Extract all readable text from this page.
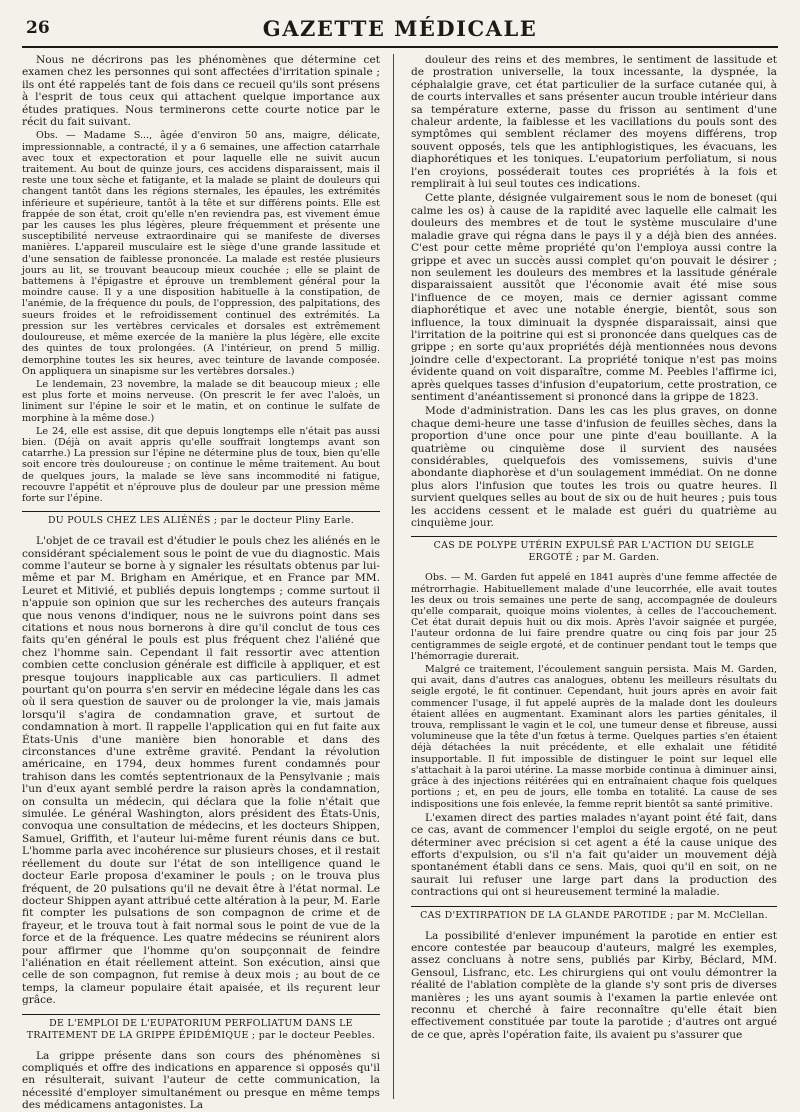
26	GAZETTE MÉDICALE

Nous ne décrirons pas les phénomènes que détermine cet examen chez les personnes qui sont affectées d'irritation spinale ; ils ont été rappelés tant de fois dans ce recueil qu'ils sont présens à l'esprit de tous ceux qui attachent quelque importance aux études pratiques. Nous terminerons cette courte notice par le récit du fait suivant.

Obs. — Madame S..., âgée d'environ 50 ans, maigre, délicate, impressionnable, a contracté, il y a 6 semaines, une affection catarrhale avec toux et expectoration et pour laquelle elle ne suivit aucun traitement. Au bout de quinze jours, ces accidens disparaissent, mais il reste une toux sèche et fatigante, et la malade se plaint de douleurs qui changent tantôt dans les régions sternales, les épaules, les extrémités inférieure et supérieure, tantôt à la tête et sur différens points. Elle est frappée de son état, croit qu'elle n'en reviendra pas, est vivement émue par les causes les plus légères, pleure fréquemment et présente une susceptibilité nerveuse extraordinaire qui se manifeste de diverses manières. L'appareil musculaire est le siège d'une grande lassitude et d'une sensation de faiblesse prononcée. La malade est restée plusieurs jours au lit, se trouvant beaucoup mieux couchée ; elle se plaint de battemens à l'épigastre et éprouve un tremblement général pour la moindre cause. Il y a une disposition habituelle à la constipation, de l'anémie, de la fréquence du pouls, de l'oppression, des palpitations, des sueurs froides et le refroidissement continuel des extrémités. La pression sur les vertèbres cervicales et dorsales est extrêmement douloureuse, et même exercée de la manière la plus légère, elle excite des quintes de toux prolongées. (A l'intérieur, on prend 5 millig. demorphine toutes les six heures, avec teinture de lavande composée. On appliquera un sinapisme sur les vertèbres dorsales.)

Le lendemain, 23 novembre, la malade se dit beaucoup mieux ; elle est plus forte et moins nerveuse. (On prescrit le fer avec l'aloès, un liniment sur l'épine le soir et le matin, et on continue le sulfate de morphine à la même dose.)

Le 24, elle est assise, dit que depuis longtemps elle n'était pas aussi bien. (Déjà on avait appris qu'elle souffrait longtemps avant son catarrhe.) La pression sur l'épine ne détermine plus de toux, bien qu'elle soit encore très douloureuse ; on continue le même traitement. Au bout de quelques jours, la malade se lève sans incommodité ni fatigue, recouvre l'appétit et n'éprouve plus de douleur par une pression même forte sur l'épine.

DU POULS CHEZ LES ALIÉNÉS ; par le docteur Pliny Earle.

L'objet de ce travail est d'étudier le pouls chez les aliénés en le considérant spécialement sous le point de vue du diagnostic. Mais comme l'auteur se borne à y signaler les résultats obtenus par lui-même et par M. Brigham en Amérique, et en France par MM. Leuret et Mitivié, et publiés depuis longtemps ; comme surtout il n'appuie son opinion que sur les recherches des auteurs français que nous venons d'indiquer, nous ne le suivrons point dans ses citations et nous nous bornerons à dire qu'il conclut de tous ces faits qu'en général le pouls est plus fréquent chez l'aliéné que chez l'homme sain. Cependant il fait ressortir avec attention combien cette conclusion générale est difficile à appliquer, et est presque toujours inapplicable aux cas particuliers. Il admet pourtant qu'on pourra s'en servir en médecine légale dans les cas où il sera question de sauver ou de prolonger la vie, mais jamais lorsqu'il s'agira de condamnation grave, et surtout de condamnation à mort. Il rappelle l'application qui en fut faite aux États-Unis d'une manière bien honorable et dans des circonstances d'une extrême gravité. Pendant la révolution américaine, en 1794, deux hommes furent condamnés pour trahison dans les comtés septentrionaux de la Pensylvanie ; mais l'un d'eux ayant semblé perdre la raison après la condamnation, on consulta un médecin, qui déclara que la folie n'était que simulée. Le général Washington, alors président des États-Unis, convoqua une consultation de médecins, et les docteurs Shippen, Samuel, Griffith, et l'auteur lui-même furent réunis dans ce but. L'homme parla avec incohérence sur plusieurs choses, et il restait réellement du doute sur l'état de son intelligence quand le docteur Earle proposa d'examiner le pouls ; on le trouva plus fréquent, de 20 pulsations qu'il ne devait être à l'état normal. Le docteur Shippen ayant attribué cette altération à la peur, M. Earle fit compter les pulsations de son compagnon de crime et de frayeur, et le trouva tout à fait normal sous le point de vue de la force et de la fréquence. Les quatre médecins se réunirent alors pour affirmer que l'homme qu'on soupçonnait de feindre l'aliénation en était réellement atteint. Son exécution, ainsi que celle de son compagnon, fut remise à deux mois ; au bout de ce temps, la clameur populaire était apaisée, et ils reçurent leur grâce.

DE L'EMPLOI DE L'EUPATORIUM PERFOLIATUM DANS LE TRAITEMENT DE LA GRIPPE ÉPIDÉMIQUE ; par le docteur Peebles.

La grippe présente dans son cours des phénomènes si compliqués et offre des indications en apparence si opposés qu'il en résulterait, suivant l'auteur de cette communication, la nécessité d'employer simultanément ou presque en même temps des médicamens antagonistes. La

douleur des reins et des membres, le sentiment de lassitude et de prostration universelle, la toux incessante, la dyspnée, la céphalalgie grave, cet état particulier de la surface cutanée qui, à de courts intervalles et sans présenter aucun trouble intérieur dans sa température externe, passe du frisson au sentiment d'une chaleur ardente, la faiblesse et les vacillations du pouls sont des symptômes qui semblent réclamer des moyens différens, trop souvent opposés, tels que les antiphlogistiques, les évacuans, les diaphorétiques et les toniques. L'eupatorium perfoliatum, si nous l'en croyions, posséderait toutes ces propriétés à la fois et remplirait à lui seul toutes ces indications.

Cette plante, désignée vulgairement sous le nom de boneset (qui calme les os) à cause de la rapidité avec laquelle elle calmait les douleurs des membres et de tout le système musculaire d'une maladie grave qui régna dans le pays il y a déjà bien des années. C'est pour cette même propriété qu'on l'employa aussi contre la grippe et avec un succès aussi complet qu'on pouvait le désirer ; non seulement les douleurs des membres et la lassitude générale disparaissaient aussitôt que l'économie avait été mise sous l'influence de ce moyen, mais ce dernier agissant comme diaphorétique et avec une notable énergie, bientôt, sous son influence, la toux diminuait la dyspnée disparaissait, ainsi que l'irritation de la poitrine qui est si prononcée dans quelques cas de grippe ; en sorte qu'aux propriétés déjà mentionnées nous devons joindre celle d'expectorant. La propriété tonique n'est pas moins évidente quand on voit disparaître, comme M. Peebles l'affirme ici, après quelques tasses d'infusion d'eupatorium, cette prostration, ce sentiment d'anéantissement si prononcé dans la grippe de 1823.

Mode d'administration. Dans les cas les plus graves, on donne chaque demi-heure une tasse d'infusion de feuilles sèches, dans la proportion d'une once pour une pinte d'eau bouillante. A la quatrième ou cinquième dose il survient des nausées considérables, quelquefois des vomissemens, suivis d'une abondante diaphorèse et d'un soulagement immédiat. On ne donne plus alors l'infusion que toutes les trois ou quatre heures. Il survient quelques selles au bout de six ou de huit heures ; puis tous les accidens cessent et le malade est guéri du quatrième au cinquième jour.

CAS DE POLYPE UTÉRIN EXPULSÉ PAR L'ACTION DU SEIGLE ERGOTÉ ; par M. Garden.

Obs. — M. Garden fut appelé en 1841 auprès d'une femme affectée de métrorrhagie. Habituellement malade d'une leucorrhée, elle avait toutes les deux ou trois semaines une perte de sang, accompagnée de douleurs qu'elle comparait, quoique moins violentes, à celles de l'accouchement. Cet état durait depuis huit ou dix mois. Après l'avoir saignée et purgée, l'auteur ordonna de lui faire prendre quatre ou cinq fois par jour 25 centigrammes de seigle ergoté, et de continuer pendant tout le temps que l'hémorragie durerait.

Malgré ce traitement, l'écoulement sanguin persista. Mais M. Garden, qui avait, dans d'autres cas analogues, obtenu les meilleurs résultats du seigle ergoté, le fit continuer. Cependant, huit jours après en avoir fait commencer l'usage, il fut appelé auprès de la malade dont les douleurs étaient allées en augmentant. Examinant alors les parties génitales, il trouva, remplissant le vagin et le col, une tumeur dense et fibreuse, aussi volumineuse que la tête d'un fœtus à terme. Quelques parties s'en étaient déjà détachées la nuit précédente, et elle exhalait une fétidité insupportable. Il fut impossible de distinguer le point sur lequel elle s'attachait à la paroi utérine. La masse morbide continua à diminuer ainsi, grâce à des injections réitérées qui en entraînaient chaque fois quelques portions ; et, en peu de jours, elle tomba en totalité. La cause de ses indispositions une fois enlevée, la femme reprit bientôt sa santé primitive.

L'examen direct des parties malades n'ayant point été fait, dans ce cas, avant de commencer l'emploi du seigle ergoté, on ne peut déterminer avec précision si cet agent a été la cause unique des efforts d'expulsion, ou s'il n'a fait qu'aider un mouvement déjà spontanément établi dans ce sens. Mais, quoi qu'il en soit, on ne saurait lui refuser une large part dans la production des contractions qui ont si heureusement terminé la maladie.

CAS D'EXTIRPATION DE LA GLANDE PAROTIDE ; par M. McClellan.

La possibilité d'enlever impunément la parotide en entier est encore contestée par beaucoup d'auteurs, malgré les exemples, assez concluans à notre sens, publiés par Kirby, Béclard, MM. Gensoul, Lisfranc, etc. Les chirurgiens qui ont voulu démontrer la réalité de l'ablation complète de la glande s'y sont pris de diverses manières ; les uns ayant soumis à l'examen la partie enlevée ont reconnu et cherché à faire reconnaître qu'elle était bien effectivement constituée par toute la parotide ; d'autres ont argué de ce que, après l'opération faite, ils avaient pu s'assurer que
